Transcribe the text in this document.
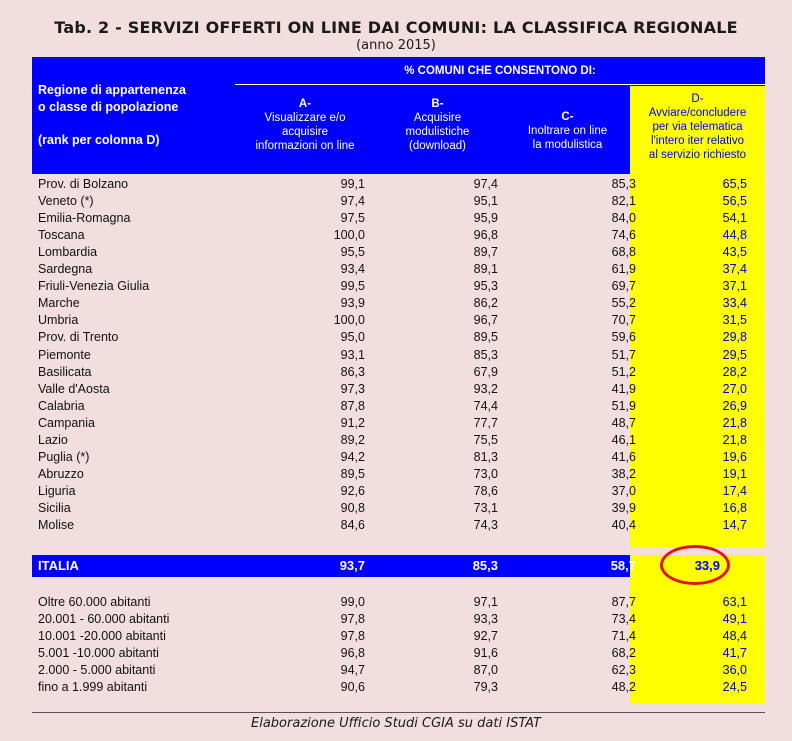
Tab. 2 - SERVIZI OFFERTI ON LINE DAI COMUNI: LA CLASSIFICA REGIONALE
(anno 2015)
Regione di appartenenza
o classe di popolazione
(rank per colonna D)
% COMUNI CHE CONSENTONO DI:
A-
Visualizzare e/o
acquisire
informazioni on line
B-
Acquisire
modulistiche
(download)
C-
Inoltrare on line
la modulistica
D-
Avviare/concludere
per via telematica
l'intero iter relativo
al servizio richiesto
Prov. di Bolzano	99,1	97,4	85,3	65,5
Veneto (*)	97,4	95,1	82,1	56,5
Emilia-Romagna	97,5	95,9	84,0	54,1
Toscana	100,0	96,8	74,6	44,8
Lombardia	95,5	89,7	68,8	43,5
Sardegna	93,4	89,1	61,9	37,4
Friuli-Venezia Giulia	99,5	95,3	69,7	37,1
Marche	93,9	86,2	55,2	33,4
Umbria	100,0	96,7	70,7	31,5
Prov. di Trento	95,0	89,5	59,6	29,8
Piemonte	93,1	85,3	51,7	29,5
Basilicata	86,3	67,9	51,2	28,2
Valle d'Aosta	97,3	93,2	41,9	27,0
Calabria	87,8	74,4	51,9	26,9
Campania	91,2	77,7	48,7	21,8
Lazio	89,2	75,5	46,1	21,8
Puglia (*)	94,2	81,3	41,6	19,6
Abruzzo	89,5	73,0	38,2	19,1
Liguria	92,6	78,6	37,0	17,4
Sicilia	90,8	73,1	39,9	16,8
Molise	84,6	74,3	40,4	14,7
ITALIA	93,7	85,3	58,7	33,9
Oltre 60.000 abitanti	99,0	97,1	87,7	63,1
20.001 - 60.000 abitanti	97,8	93,3	73,4	49,1
10.001 -20.000 abitanti	97,8	92,7	71,4	48,4
5.001 -10.000 abitanti	96,8	91,6	68,2	41,7
2.000 - 5.000 abitanti	94,7	87,0	62,3	36,0
fino a 1.999 abitanti	90,6	79,3	48,2	24,5
Elaborazione Ufficio Studi CGIA su dati ISTAT
